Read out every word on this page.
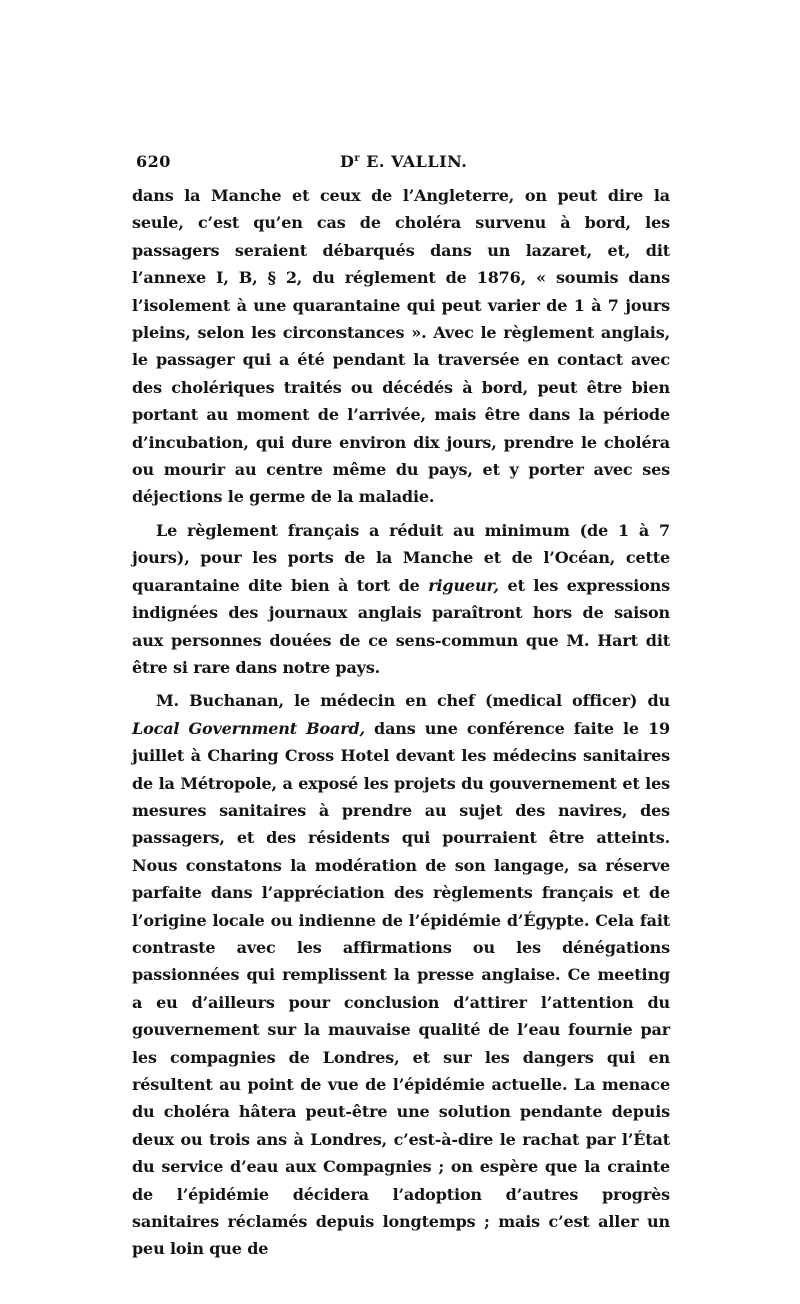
620	$D^r$ E. VALLIN.

dans la Manche et ceux de l’Angleterre, on peut dire la seule, c’est qu’en cas de choléra survenu à bord, les passagers seraient débarqués dans un lazaret, et, dit l’annexe I, B, § 2, du réglement de 1876, « soumis dans l’isolement à une quarantaine qui peut varier de 1 à 7 jours pleins, selon les circonstances ». Avec le règlement anglais, le passager qui a été pendant la traversée en contact avec des cholériques traités ou décédés à bord, peut être bien portant au moment de l’arrivée, mais être dans la période d’incubation, qui dure environ dix jours, prendre le choléra ou mourir au centre même du pays, et y porter avec ses déjections le germe de la maladie.

Le règlement français a réduit au minimum (de 1 à 7 jours), pour les ports de la Manche et de l’Océan, cette quarantaine dite bien à tort de rigueur, et les expressions indignées des journaux anglais paraîtront hors de saison aux personnes douées de ce sens-commun que M. Hart dit être si rare dans notre pays.

M. Buchanan, le médecin en chef (medical officer) du Local Government Board, dans une conférence faite le 19 juillet à Charing Cross Hotel devant les médecins sanitaires de la Métropole, a exposé les projets du gouvernement et les mesures sanitaires à prendre au sujet des navires, des passagers, et des résidents qui pourraient être atteints. Nous constatons la modération de son langage, sa réserve parfaite dans l’appréciation des règlements français et de l’origine locale ou indienne de l’épidémie d’Égypte. Cela fait contraste avec les affirmations ou les dénégations passionnées qui remplissent la presse anglaise. Ce meeting a eu d’ailleurs pour conclusion d’attirer l’attention du gouvernement sur la mauvaise qualité de l’eau fournie par les compagnies de Londres, et sur les dangers qui en résultent au point de vue de l’épidémie actuelle. La menace du choléra hâtera peut-être une solution pendante depuis deux ou trois ans à Londres, c’est-à-dire le rachat par l’État du service d’eau aux Compagnies ; on espère que la crainte de l’épidémie décidera l’adoption d’autres progrès sanitaires réclamés depuis longtemps ; mais c’est aller un peu loin que de
